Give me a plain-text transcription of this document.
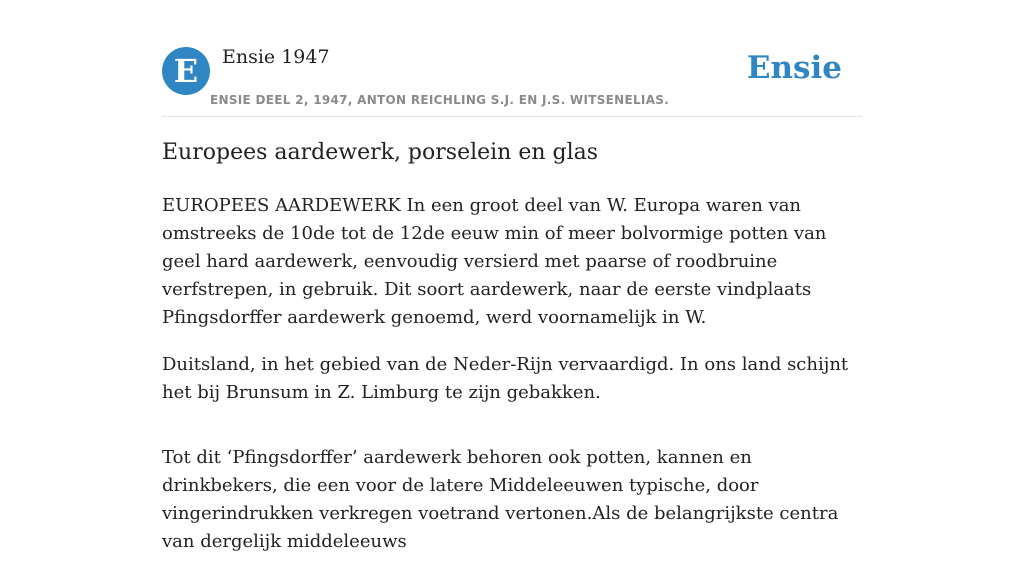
E	Ensie 1947
ENSIE DEEL 2, 1947, ANTON REICHLING S.J. EN J.S. WITSENELIAS.
Ensie
Europees aardewerk, porselein en glas

EUROPEES AARDEWERK In een groot deel van W. Europa waren van omstreeks de 10de tot de 12de eeuw min of meer bolvormige potten van geel hard aardewerk, eenvoudig versierd met paarse of roodbruine verfstrepen, in gebruik. Dit soort aardewerk, naar de eerste vindplaats Pfingsdorffer aardewerk genoemd, werd voornamelijk in W.

Duitsland, in het gebied van de Neder-Rijn vervaardigd. In ons land schijnt het bij Brunsum in Z. Limburg te zijn gebakken.

Tot dit ‘Pfingsdorffer’ aardewerk behoren ook potten, kannen en drinkbekers, die een voor de latere Middeleeuwen typische, door vingerindrukken verkregen voetrand vertonen.Als de belangrijkste centra van dergelijk middeleeuws
